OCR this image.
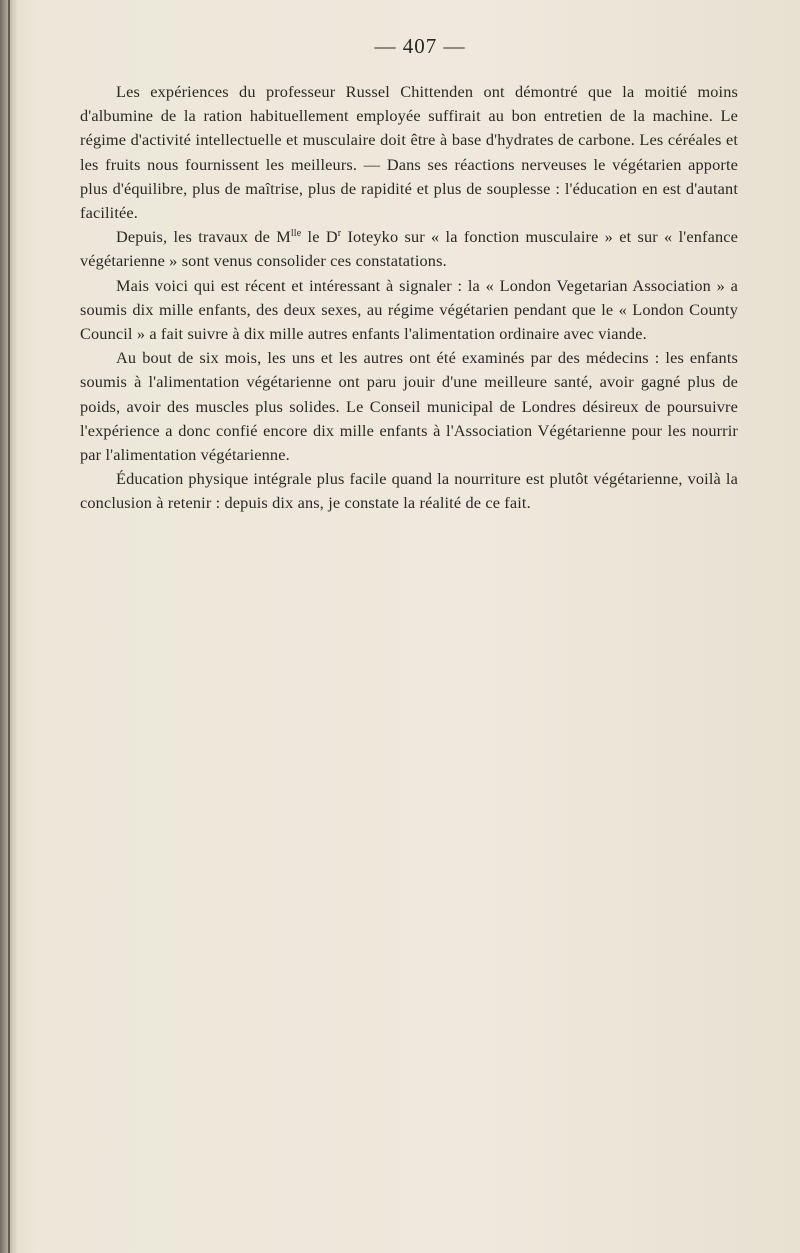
— 407 —

Les expériences du professeur Russel Chittenden ont démontré que la moitié moins d'albumine de la ration habituellement employée suffirait au bon entretien de la machine. Le régime d'activité intellectuelle et musculaire doit être à base d'hydrates de carbone. Les céréales et les fruits nous fournissent les meilleurs. — Dans ses réactions nerveuses le végétarien apporte plus d'équilibre, plus de maîtrise, plus de rapidité et plus de souplesse : l'éducation en est d'autant facilitée.

Depuis, les travaux de $M^{lle}$ le $D^r$ Ioteyko sur « la fonction musculaire » et sur « l'enfance végétarienne » sont venus consolider ces constatations.

Mais voici qui est récent et intéressant à signaler : la « London Vegetarian Association » a soumis dix mille enfants, des deux sexes, au régime végétarien pendant que le « London County Council » a fait suivre à dix mille autres enfants l'alimentation ordinaire avec viande.

Au bout de six mois, les uns et les autres ont été examinés par des médecins : les enfants soumis à l'alimentation végétarienne ont paru jouir d'une meilleure santé, avoir gagné plus de poids, avoir des muscles plus solides. Le Conseil municipal de Londres désireux de poursuivre l'expérience a donc confié encore dix mille enfants à l'Association Végétarienne pour les nourrir par l'alimentation végétarienne.

Éducation physique intégrale plus facile quand la nourriture est plutôt végétarienne, voilà la conclusion à retenir : depuis dix ans, je constate la réalité de ce fait.
